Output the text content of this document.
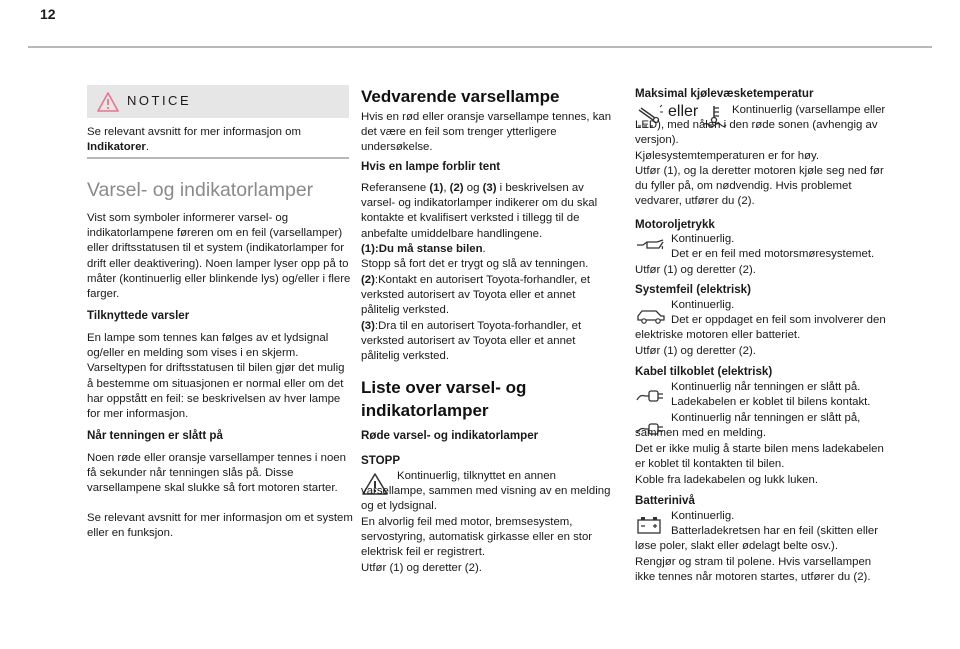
12
NOTICE

Se relevant avsnitt for mer informasjon om Indikatorer.

Varsel- og indikatorlamper

Vist som symboler informerer varsel- og indikatorlampene føreren om en feil (varsellamper) eller driftsstatusen til et system (indikatorlamper for drift eller deaktivering). Noen lamper lyser opp på to måter (kontinuerlig eller blinkende lys) og/eller i flere farger.

Tilknyttede varsler

En lampe som tennes kan følges av et lydsignal og/eller en melding som vises i en skjerm. Varseltypen for driftsstatusen til bilen gjør det mulig å bestemme om situasjonen er normal eller om det har oppstått en feil: se beskrivelsen av hver lampe for mer informasjon.

Når tenningen er slått på

Noen røde eller oransje varsellamper tennes i noen få sekunder når tenningen slås på. Disse varsellampene skal slukke så fort motoren starter.

Se relevant avsnitt for mer informasjon om et system eller en funksjon.

Vedvarende varsellampe

Hvis en rød eller oransje varsellampe tennes, kan det være en feil som trenger ytterligere undersøkelse.

Hvis en lampe forblir tent

Referansene (1), (2) og (3) i beskrivelsen av varsel- og indikatorlamper indikerer om du skal kontakte et kvalifisert verksted i tillegg til de anbefalte umiddelbare handlingene.

(1):Du må stanse bilen.
Stopp så fort det er trygt og slå av tenningen.

(2):Kontakt en autorisert Toyota-forhandler, et verksted autorisert av Toyota eller et annet pålitelig verksted.

(3):Dra til en autorisert Toyota-forhandler, et verksted autorisert av Toyota eller et annet pålitelig verksted.

Liste over varsel- og indikatorlamper
Røde varsel- og indikatorlamper
STOPP

Kontinuerlig, tilknyttet en annen varsellampe, sammen med visning av en melding og et lydsignal.

En alvorlig feil med motor, bremsesystem, servostyring, automatisk girkasse eller en stor elektrisk feil er registrert.

Utfør (1) og deretter (2).

Maksimal kjølevæsketemperatur
eller	Kontinuerlig (varsellampe eller LED), med nålen i den røde sonen (avhengig av versjon).

Kjølesystemtemperaturen er for høy.

Utfør (1), og la deretter motoren kjøle seg ned før du fyller på, om nødvendig. Hvis problemet vedvarer, utfører du (2).

Motoroljetrykk

Kontinuerlig.

Det er en feil med motorsmøresystemet.

Utfør (1) og deretter (2).

Systemfeil (elektrisk)

Kontinuerlig.

Det er oppdaget en feil som involverer den elektriske motoren eller batteriet.

Utfør (1) og deretter (2).

Kabel tilkoblet (elektrisk)

Kontinuerlig når tenningen er slått på.

Ladekabelen er koblet til bilens kontakt.

Kontinuerlig når tenningen er slått på, sammen med en melding.

Det er ikke mulig å starte bilen mens ladekabelen er koblet til kontakten til bilen.

Koble fra ladekabelen og lukk luken.

Batterinivå

Kontinuerlig.

Batterladekretsen har en feil (skitten eller løse poler, slakt eller ødelagt belte osv.).

Rengjør og stram til polene. Hvis varsellampen ikke tennes når motoren startes, utfører du (2).
